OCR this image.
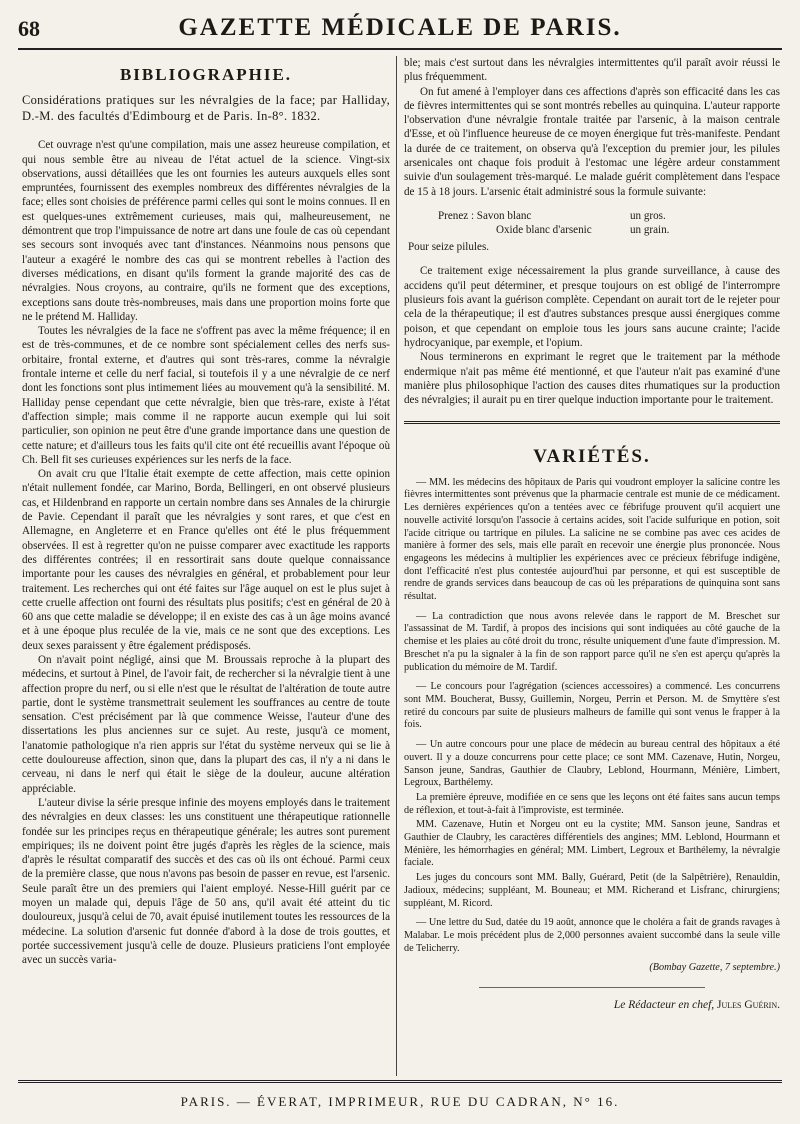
68	GAZETTE MÉDICALE DE PARIS.
BIBLIOGRAPHIE.

Considérations pratiques sur les névralgies de la face; par Halliday, D.-M. des facultés d'Edimbourg et de Paris. In-8°. 1832.

Cet ouvrage n'est qu'une compilation, mais une assez heureuse compilation, et qui nous semble être au niveau de l'état actuel de la science. Vingt-six observations, aussi détaillées que les ont fournies les auteurs auxquels elles sont empruntées, fournissent des exemples nombreux des différentes névralgies de la face; elles sont choisies de préférence parmi celles qui sont le moins connues. Il en est quelques-unes extrêmement curieuses, mais qui, malheureusement, ne démontrent que trop l'impuissance de notre art dans une foule de cas où cependant ses secours sont invoqués avec tant d'instances. Néanmoins nous pensons que l'auteur a exagéré le nombre des cas qui se montrent rebelles à l'action des diverses médications, en disant qu'ils forment la grande majorité des cas de névralgies. Nous croyons, au contraire, qu'ils ne forment que des exceptions, exceptions sans doute très-nombreuses, mais dans une proportion moins forte que ne le prétend M. Halliday.

Toutes les névralgies de la face ne s'offrent pas avec la même fréquence; il en est de très-communes, et de ce nombre sont spécialement celles des nerfs sus-orbitaire, frontal externe, et d'autres qui sont très-rares, comme la névralgie frontale interne et celle du nerf facial, si toutefois il y a une névralgie de ce nerf dont les fonctions sont plus intimement liées au mouvement qu'à la sensibilité. M. Halliday pense cependant que cette névralgie, bien que très-rare, existe à l'état d'affection simple; mais comme il ne rapporte aucun exemple qui lui soit particulier, son opinion ne peut être d'une grande importance dans une question de cette nature; et d'ailleurs tous les faits qu'il cite ont été recueillis avant l'époque où Ch. Bell fit ses curieuses expériences sur les nerfs de la face.

On avait cru que l'Italie était exempte de cette affection, mais cette opinion n'était nullement fondée, car Marino, Borda, Bellingeri, en ont observé plusieurs cas, et Hildenbrand en rapporte un certain nombre dans ses Annales de la chirurgie de Pavie. Cependant il paraît que les névralgies y sont rares, et que c'est en Allemagne, en Angleterre et en France qu'elles ont été le plus fréquemment observées. Il est à regretter qu'on ne puisse comparer avec exactitude les rapports des différentes contrées; il en ressortirait sans doute quelque connaissance importante pour les causes des névralgies en général, et probablement pour leur traitement. Les recherches qui ont été faites sur l'âge auquel on est le plus sujet à cette cruelle affection ont fourni des résultats plus positifs; c'est en général de 20 à 60 ans que cette maladie se développe; il en existe des cas à un âge moins avancé et à une époque plus reculée de la vie, mais ce ne sont que des exceptions. Les deux sexes paraissent y être également prédisposés.

On n'avait point négligé, ainsi que M. Broussais reproche à la plupart des médecins, et surtout à Pinel, de l'avoir fait, de rechercher si la névralgie tient à une affection propre du nerf, ou si elle n'est que le résultat de l'altération de toute autre partie, dont le système transmettrait seulement les souffrances au centre de toute sensation. C'est précisément par là que commence Weisse, l'auteur d'une des dissertations les plus anciennes sur ce sujet. Au reste, jusqu'à ce moment, l'anatomie pathologique n'a rien appris sur l'état du système nerveux qui se lie à cette douloureuse affection, sinon que, dans la plupart des cas, il n'y a ni dans le cerveau, ni dans le nerf qui était le siège de la douleur, aucune altération appréciable.

L'auteur divise la série presque infinie des moyens employés dans le traitement des névralgies en deux classes: les uns constituent une thérapeutique rationnelle fondée sur les principes reçus en thérapeutique générale; les autres sont purement empiriques; ils ne doivent point être jugés d'après les règles de la science, mais d'après le résultat comparatif des succès et des cas où ils ont échoué. Parmi ceux de la première classe, que nous n'avons pas besoin de passer en revue, est l'arsenic. Seule paraît être un des premiers qui l'aient employé. Nesse-Hill guérit par ce moyen un malade qui, depuis l'âge de 50 ans, qu'il avait été atteint du tic douloureux, jusqu'à celui de 70, avait épuisé inutilement toutes les ressources de la médecine. La solution d'arsenic fut donnée d'abord à la dose de trois gouttes, et portée successivement jusqu'à celle de douze. Plusieurs praticiens l'ont employée avec un succès varia-

ble; mais c'est surtout dans les névralgies intermittentes qu'il paraît avoir réussi le plus fréquemment.

On fut amené à l'employer dans ces affections d'après son efficacité dans les cas de fièvres intermittentes qui se sont montrés rebelles au quinquina. L'auteur rapporte l'observation d'une névralgie frontale traitée par l'arsenic, à la maison centrale d'Esse, et où l'influence heureuse de ce moyen énergique fut très-manifeste. Pendant la durée de ce traitement, on observa qu'à l'exception du premier jour, les pilules arsenicales ont chaque fois produit à l'estomac une légère ardeur constamment suivie d'un soulagement très-marqué. Le malade guérit complètement dans l'espace de 15 à 18 jours. L'arsenic était administré sous la formule suivante:

Prenez : Savon blanc	un gros.
Oxide blanc d'arsenic	un grain.

Pour seize pilules.

Ce traitement exige nécessairement la plus grande surveillance, à cause des accidens qu'il peut déterminer, et presque toujours on est obligé de l'interrompre plusieurs fois avant la guérison complète. Cependant on aurait tort de le rejeter pour cela de la thérapeutique; il est d'autres substances presque aussi énergiques comme poison, et que cependant on emploie tous les jours sans aucune crainte; l'acide hydrocyanique, par exemple, et l'opium.

Nous terminerons en exprimant le regret que le traitement par la méthode endermique n'ait pas même été mentionné, et que l'auteur n'ait pas examiné d'une manière plus philosophique l'action des causes dites rhumatiques sur la production des névralgies; il aurait pu en tirer quelque induction importante pour le traitement.

VARIÉTÉS.

— MM. les médecins des hôpitaux de Paris qui voudront employer la salicine contre les fièvres intermittentes sont prévenus que la pharmacie centrale est munie de ce médicament. Les dernières expériences qu'on a tentées avec ce fébrifuge prouvent qu'il acquiert une nouvelle activité lorsqu'on l'associe à certains acides, soit l'acide sulfurique en potion, soit l'acide citrique ou tartrique en pilules. La salicine ne se combine pas avec ces acides de manière à former des sels, mais elle paraît en recevoir une énergie plus prononcée. Nous engageons les médecins à multiplier les expériences avec ce précieux fébrifuge indigène, dont l'efficacité n'est plus contestée aujourd'hui par personne, et qui est susceptible de rendre de grands services dans beaucoup de cas où les préparations de quinquina sont sans résultat.

— La contradiction que nous avons relevée dans le rapport de M. Breschet sur l'assassinat de M. Tardif, à propos des incisions qui sont indiquées au côté gauche de la chemise et les plaies au côté droit du tronc, résulte uniquement d'une faute d'impression. M. Breschet n'a pu la signaler à la fin de son rapport parce qu'il ne s'en est aperçu qu'après la publication du mémoire de M. Tardif.

— Le concours pour l'agrégation (sciences accessoires) a commencé. Les concurrens sont MM. Boucherat, Bussy, Guillemin, Norgeu, Perrin et Person. M. de Smyttère s'est retiré du concours par suite de plusieurs malheurs de famille qui sont venus le frapper à la fois.

— Un autre concours pour une place de médecin au bureau central des hôpitaux a été ouvert. Il y a douze concurrens pour cette place; ce sont MM. Cazenave, Hutin, Norgeu, Sanson jeune, Sandras, Gauthier de Claubry, Leblond, Hourmann, Ménière, Limbert, Legroux, Barthélemy.

La première épreuve, modifiée en ce sens que les leçons ont été faites sans aucun temps de réflexion, et tout-à-fait à l'improviste, est terminée.

MM. Cazenave, Hutin et Norgeu ont eu la cystite; MM. Sanson jeune, Sandras et Gauthier de Claubry, les caractères différentiels des angines; MM. Leblond, Hourmann et Ménière, les hémorrhagies en général; MM. Limbert, Legroux et Barthélemy, la névralgie faciale.

Les juges du concours sont MM. Bally, Guérard, Petit (de la Salpêtrière), Renauldin, Jadioux, médecins; suppléant, M. Bouneau; et MM. Richerand et Lisfranc, chirurgiens; suppléant, M. Ricord.

— Une lettre du Sud, datée du 19 août, annonce que le choléra a fait de grands ravages à Malabar. Le mois précédent plus de 2,000 personnes avaient succombé dans la seule ville de Telicherry.

(Bombay Gazette, 7 septembre.)
Le Rédacteur en chef, Jules Guérin.
PARIS. — ÉVERAT, IMPRIMEUR, RUE DU CADRAN, N° 16.
